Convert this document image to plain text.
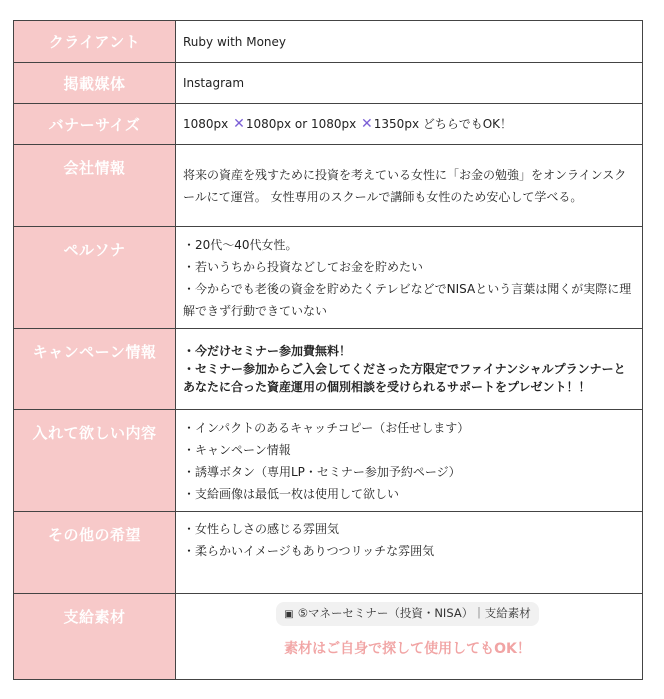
クライアント	Ruby with Money
掲載媒体	Instagram
バナーサイズ	1080px ✕1080px or 1080px ✕1350px どちらでもOK！
会社情報	将来の資産を残すために投資を考えている女性に「お金の勉強」をオンラインスクールにて運営。 女性専用のスクールで講師も女性のため安心して学べる。
ペルソナ	・20代〜40代女性。
・若いうちから投資などしてお金を貯めたい
・今からでも老後の資金を貯めたくテレビなどでNISAという言葉は聞くが実際に理解できず行動できていない

キャンペーン情報	・今だけセミナー参加費無料！
・セミナー参加からご入会してくださった方限定でファイナンシャルプランナーとあなたに合った資産運用の個別相談を受けられるサポートをプレゼント！！

入れて欲しい内容	・インパクトのあるキャッチコピー（お任せします）
・キャンペーン情報
・誘導ボタン（専用LP・セミナー参加予約ページ）
・支給画像は最低一枚は使用して欲しい

その他の希望	・女性らしさの感じる雰囲気
・柔らかいイメージもありつつリッチな雰囲気

支給素材	▣ ⑤マネーセミナー（投資・NISA）｜支給素材
素材はご自身で探して使用してもOK！
